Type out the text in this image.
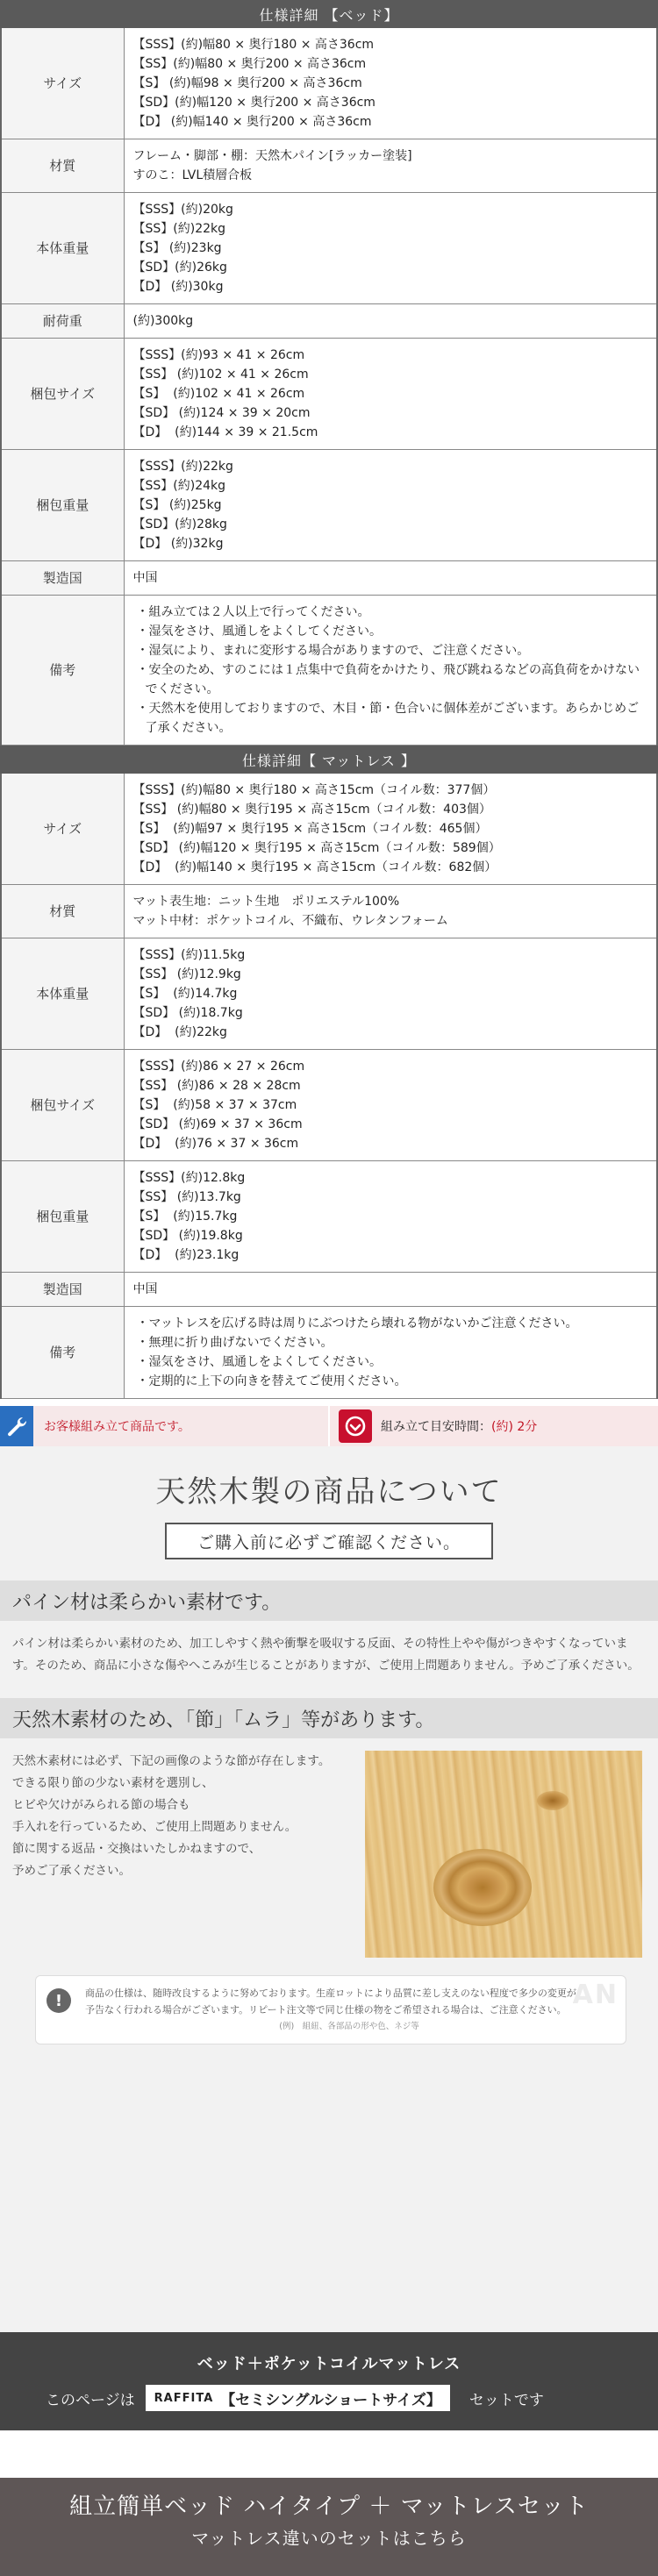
仕様詳細 【ベッド】
サイズ	【SSS】(約)幅80 × 奥行180 × 高さ36cm
【SS】(約)幅80 × 奥行200 × 高さ36cm
【S】 (約)幅98 × 奥行200 × 高さ36cm
【SD】(約)幅120 × 奥行200 × 高さ36cm
【D】 (約)幅140 × 奥行200 × 高さ36cm

材質	フレーム・脚部・棚：天然木パイン[ラッカー塗装]
すのこ：LVL積層合板

本体重量	【SSS】(約)20kg
【SS】(約)22kg
【S】 (約)23kg
【SD】(約)26kg
【D】 (約)30kg

耐荷重	(約)300kg

梱包サイズ	【SSS】(約)93 × 41 × 26cm
【SS】 (約)102 × 41 × 26cm
【S】  (約)102 × 41 × 26cm
【SD】 (約)124 × 39 × 20cm
【D】  (約)144 × 39 × 21.5cm

梱包重量	【SSS】(約)22kg
【SS】(約)24kg
【S】 (約)25kg
【SD】(約)28kg
【D】 (約)32kg

製造国	中国

備考	・組み立ては２人以上で行ってください。
・湿気をさけ、風通しをよくしてください。
・湿気により、まれに変形する場合がありますので、ご注意ください。
・安全のため、すのこには１点集中で負荷をかけたり、飛び跳ねるなどの高負荷をかけないでください。
・天然木を使用しておりますので、木目・節・色合いに個体差がございます。あらかじめご了承ください。
仕様詳細【 マットレス 】
サイズ	【SSS】(約)幅80 × 奥行180 × 高さ15cm（コイル数：377個）
【SS】 (約)幅80 × 奥行195 × 高さ15cm（コイル数：403個）
【S】  (約)幅97 × 奥行195 × 高さ15cm（コイル数：465個）
【SD】 (約)幅120 × 奥行195 × 高さ15cm（コイル数：589個）
【D】  (約)幅140 × 奥行195 × 高さ15cm（コイル数：682個）

材質	マット表生地：ニット生地　ポリエステル100%
マット中材：ポケットコイル、不織布、ウレタンフォーム

本体重量	【SSS】(約)11.5kg
【SS】 (約)12.9kg
【S】  (約)14.7kg
【SD】 (約)18.7kg
【D】  (約)22kg

梱包サイズ	【SSS】(約)86 × 27 × 26cm
【SS】 (約)86 × 28 × 28cm
【S】  (約)58 × 37 × 37cm
【SD】 (約)69 × 37 × 36cm
【D】  (約)76 × 37 × 36cm

梱包重量	【SSS】(約)12.8kg
【SS】 (約)13.7kg
【S】  (約)15.7kg
【SD】 (約)19.8kg
【D】  (約)23.1kg

製造国	中国

備考	・マットレスを広げる時は周りにぶつけたら壊れる物がないかご注意ください。
・無理に折り曲げないでください。
・湿気をさけ、風通しをよくしてください。
・定期的に上下の向きを替えてご使用ください。
お客様組み立て商品です。	組み立て目安時間：(約) 2分
天然木製の商品について
ご購入前に必ずご確認ください。
パイン材は柔らかい素材です。
パイン材は柔らかい素材のため、加工しやすく熱や衝撃を吸収する反面、その特性上やや傷がつきやすくなっています。そのため、商品に小さな傷やへこみが生じることがありますが、ご使用上問題ありません。予めご了承ください。
天然木素材のため、「節」「ムラ」等があります。
天然木素材には必ず、下記の画像のような節が存在します。
できる限り節の少ない素材を選別し、
ヒビや欠けがみられる節の場合も
手入れを行っているため、ご使用上問題ありません。
節に関する返品・交換はいたしかねますので、
予めご了承ください。
!	AN
商品の仕様は、随時改良するように努めております。生産ロットにより品質に差し支えのない程度で多少の変更が
予告なく行われる場合がございます。リピート注文等で同じ仕様の物をご希望される場合は、ご注意ください。
(例)　組紐、各部品の形や色、ネジ等
ベッド＋ポケットコイルマットレス
このページは RAFFITA 【セミシングルショートサイズ】 セットです
組立簡単ベッド ハイタイプ ＋ マットレスセット
マットレス違いのセットはこちら
